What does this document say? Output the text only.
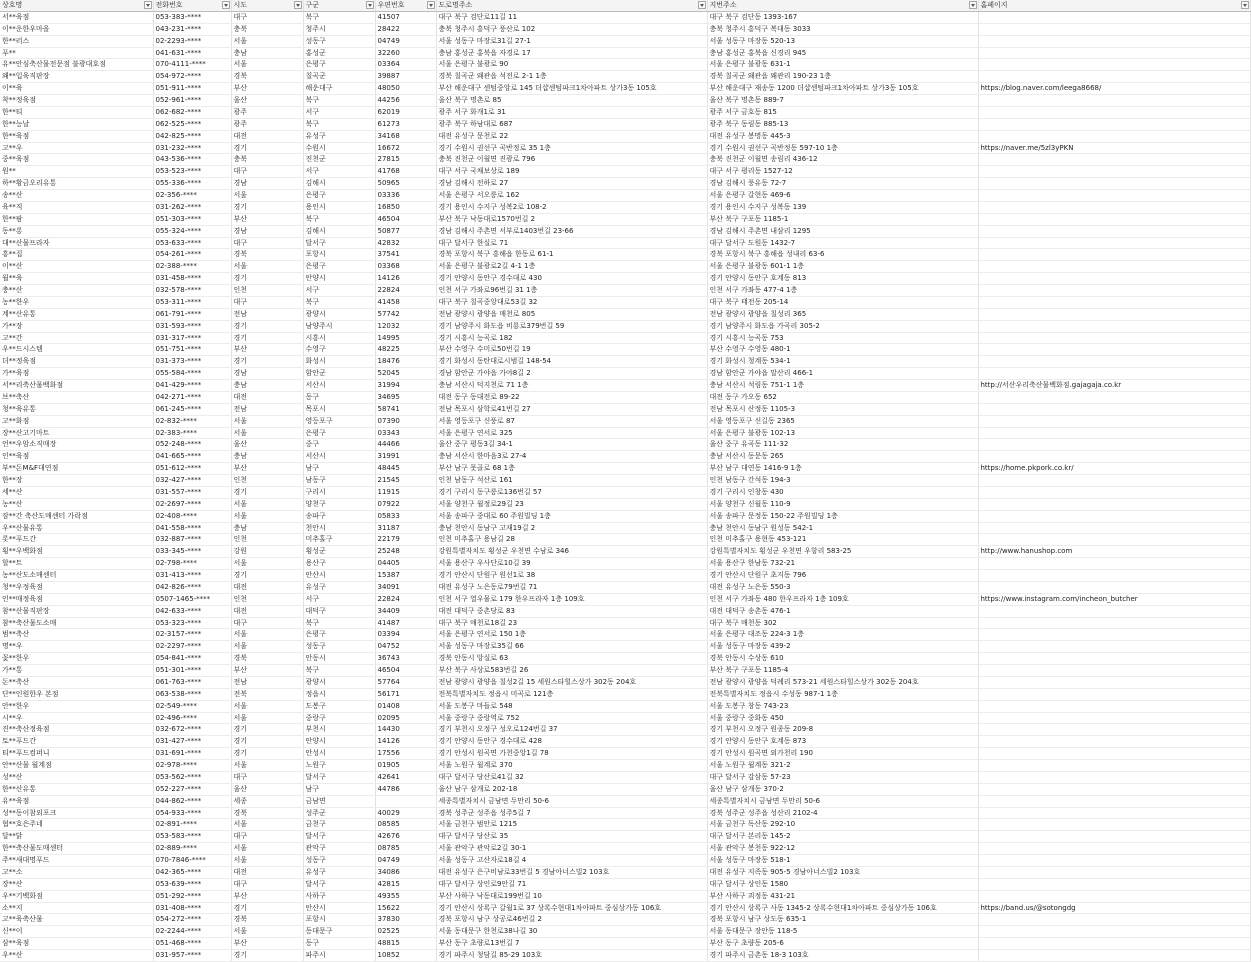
상호명	전화번호	시도	구군	우편번호	도로명주소	지번주소	홈페이지

서**육점	053-383-****	대구	북구	41507	대구 북구 검단로11길 11	대구 북구 검단동 1393-167	
이**운한우마을	043-231-****	충북	청주시	28422	충북 청주시 흥덕구 풍산로 102	충북 청주시 흥덕구 복대동 3033	
한**러스	02-2293-****	서울	성동구	04749	서울 성동구 마장로31길 27-1	서울 성동구 마장동 520-13	
푸**	041-631-****	충남	홍성군	32260	충남 홍성군 홍북읍 자경로 17	충남 홍성군 홍북읍 신경리 945	
유**안심축산물전문점 불광대호점	070-4111-****	서울	은평구	03364	서울 은평구 불광로 90	서울 은평구 불광동 631-1	
왜**입육직판장	054-972-****	경북	칠곡군	39887	경북 칠곡군 왜관읍 석전로 2-1 1층	경북 칠곡군 왜관읍 왜관리 190-23 1층	
이**육	051-911-****	부산	해운대구	48050	부산 해운대구 센텀중앙로 145 더샵센텀파크1차아파트 상가3동 105호	부산 해운대구 재송동 1200 더샵센텀파크1차아파트 상가3동 105호	https://blog.naver.com/leega8668/
착**정육점	052-961-****	울산	북구	44256	울산 북구 명촌로 85	울산 북구 명촌동 889-7	
한**티	062-682-****	광주	서구	62019	광주 서구 화개1로 31	광주 서구 금호동 815	
한**능날	062-525-****	광주	북구	61273	광주 북구 하남대로 687	광주 북구 동림동 885-13	
한**육점	042-825-****	대전	유성구	34168	대전 유성구 문천로 22	대전 유성구 봉명동 445-3	
고**우	031-232-****	경기	수원시	16672	경기 수원시 권선구 곡반정로 35 1층	경기 수원시 권선구 곡반정동 597-10 1층	https://naver.me/5zl3yPKN
중**육점	043-536-****	충북	진천군	27815	충북 진천군 이월면 진광로 796	충북 진천군 이월면 송림리 436-12	
원**	053-523-****	대구	서구	41768	대구 서구 국채보상로 189	대구 서구 평리동 1527-12	
하**황금오리유통	055-336-****	경남	김해시	50965	경남 김해시 전하로 27	경남 김해시 풍유동 72-7	
송**산	02-356-****	서울	은평구	03336	서울 은평구 서오릉로 162	서울 은평구 갈현동 469-6	
육**직	031-262-****	경기	용인시	16850	경기 용인시 수지구 성복2로 108-2	경기 용인시 수지구 성복동 139	
한**팜	051-303-****	부산	북구	46504	부산 북구 낙동대로1570번길 2	부산 북구 구포동 1185-1	
동**롱	055-324-****	경남	김해시	50877	경남 김해시 주촌면 서부로1403번길 23-66	경남 김해시 주촌면 내삼리 1295	
대**산물프라자	053-633-****	대구	달서구	42832	대구 달서구 한실로 71	대구 달서구 도원동 1432-7	
흥**집	054-261-****	경북	포항시	37541	경북 포항시 북구 흥해읍 한동로 61-1	경북 포항시 북구 흥해읍 성내리 63-6	
이**산	02-388-****	서울	은평구	03368	서울 은평구 불광로2길 4-1 1층	서울 은평구 불광동 601-1 1층	
월**육	031-458-****	경기	안양시	14126	경기 안양시 동안구 경수대로 430	경기 안양시 동안구 호계동 813	
충**산	032-578-****	인천	서구	22824	인천 서구 가좌로96번길 31 1층	인천 서구 가좌동 477-4 1층	
농**한우	053-311-****	대구	북구	41458	대구 북구 칠곡중앙대로53길 32	대구 북구 태전동 205-14	
계**산유통	061-791-****	전남	광양시	57742	전남 광양시 광양읍 매천로 805	전남 광양시 광양읍 칠성리 365	
가**장	031-593-****	경기	남양주시	12032	경기 남양주시 화도읍 비룡로379번길 59	경기 남양주시 화도읍 가곡리 305-2	
고**간	031-317-****	경기	시흥시	14995	경기 시흥시 능곡로 182	경기 시흥시 능곡동 753	
우**드시스템	051-751-****	부산	수영구	48225	부산 수영구 수미로50번길 19	부산 수영구 수영동 480-1	
더**정육점	031-373-****	경기	화성시	18476	경기 화성시 동탄대로시범길 148-54	경기 화성시 청계동 534-1	
가**육점	055-584-****	경남	함안군	52045	경남 함안군 가야읍 가야8길 2	경남 함안군 가야읍 말산리 466-1	
서**리축산물백화점	041-429-****	충남	서산시	31994	충남 서산시 덕지천로 71 1층	충남 서산시 석림동 751-1 1층	http://서산우리축산물백화점.gajagaja.co.kr
브**축산	042-271-****	대전	동구	34695	대전 동구 동대전로 89-22	대전 동구 가오동 652	
청**육유통	061-245-****	전남	목포시	58741	전남 목포시 삼학로41번길 27	전남 목포시 산정동 1105-3	
고**화점	02-832-****	서울	영등포구	07390	서울 영등포구 신풍로 87	서울 영등포구 신길동 2365	
장**산고기마트	02-383-****	서울	은평구	03343	서울 은평구 연서로 325	서울 은평구 불광동 102-13	
언**우암소직매장	052-248-****	울산	중구	44466	울산 중구 평동3길 34-1	울산 중구 유곡동 111-32	
인**육점	041-665-****	충남	서산시	31991	충남 서산시 한마음3로 27-4	충남 서산시 동문동 265	
부**돈M&F대연점	051-612-****	부산	남구	48445	부산 남구 못골로 68 1층	부산 남구 대연동 1416-9 1층	https://home.pkpork.co.kr/
한**장	032-427-****	인천	남동구	21545	인천 남동구 석산로 161	인천 남동구 간석동 194-3	
세**산	031-557-****	경기	구리시	11915	경기 구리시 동구릉로136번길 57	경기 구리시 인창동 430	
농**산	02-2697-****	서울	양천구	07922	서울 양천구 월정로29길 23	서울 양천구 신월동 110-9	
잠**간 축산도매센터 가락점	02-408-****	서울	송파구	05833	서울 송파구 중대로 60 주원빌딩 1층	서울 송파구 문정동 150-22 주원빌딩 1층	
우**산물유통	041-558-****	충남	천안시	31187	충남 천안시 동남구 고재19길 2	충남 천안시 동남구 원성동 542-1	
롯**푸드간	032-887-****	인천	미추홀구	22179	인천 미추홀구 용남길 28	인천 미추홀구 용현동 453-121	
횡**우백화점	033-345-****	강원	횡성군	25248	강원특별자치도 횡성군 우천면 수남로 346	강원특별자치도 횡성군 우천면 우항리 583-25	http://www.hanushop.com
할**트	02-798-****	서울	용산구	04405	서울 용산구 우사단로10길 39	서울 용산구 한남동 732-21	
농**산도소매센터	031-413-****	경기	안산시	15387	경기 안산시 단원구 원선1로 38	경기 안산시 단원구 초지동 796	
청**우정육점	042-826-****	대전	유성구	34091	대전 유성구 노은동로79번길 71	대전 유성구 노은동 550-3	
인**매정육점	0507-1465-****	인천	서구	22824	인천 서구 열우물로 179 한우프라자 1층 109호	인천 서구 가좌동 480 한우프라자 1층 109호	https://www.instagram.com/incheon_butcher
참**산물직판장	042-633-****	대전	대덕구	34409	대전 대덕구 중촌당로 83	대전 대덕구 송촌동 476-1	
참**축산물도소매	053-323-****	대구	북구	41487	대구 북구 매천로18길 23	대구 북구 매천동 302	
범**축산	02-3157-****	서울	은평구	03394	서울 은평구 연서로 150 1층	서울 은평구 대조동 224-3 1층	
명**우	02-2297-****	서울	성동구	04752	서울 성동구 마장로35길 66	서울 성동구 마장동 439-2	
꽃**한우	054-841-****	경북	안동시	36743	경북 안동시 앙실로 63	경북 안동시 수상동 610	
가**통	051-301-****	부산	북구	46504	부산 북구 사상로583번길 26	부산 북구 구포동 1185-4	
돈**축산	061-763-****	전남	광양시	57764	전남 광양시 광양읍 칠성2길 15 세원스타힐스상가 302동 204호	전남 광양시 광양읍 덕례리 573-21 세원스타힐스상가 302동 204호	
단**인원한우 본점	063-538-****	전북	정읍시	56171	전북특별자치도 정읍시 미곡로 121층	전북특별자치도 정읍시 수성동 987-1 1층	
안**한우	02-549-****	서울	도봉구	01408	서울 도봉구 마들로 548	서울 도봉구 창동 743-23	
시**우	02-496-****	서울	중랑구	02095	서울 중랑구 중랑역로 752	서울 중랑구 중화동 450	
진**축산정육점	032-672-****	경기	부천시	14430	경기 부천시 오정구 성오로124번길 37	경기 부천시 오정구 원종동 209-8	
토**푸드간	031-427-****	경기	안양시	14126	경기 안양시 동안구 경수대로 428	경기 안양시 동안구 호계동 873	
티**푸드컴퍼니	031-691-****	경기	안성시	17556	경기 안성시 원곡면 가천중앙1길 78	경기 안성시 원곡면 외가천리 190	
안**산물 월계점	02-978-****	서울	노원구	01905	서울 노원구 월계로 370	서울 노원구 월계동 321-2	
성**산	053-562-****	대구	달서구	42641	대구 달서구 당산로41길 32	대구 달서구 감삼동 57-23	
한**산유통	052-227-****	울산	남구	44786	울산 남구 삼개로 202-18	울산 남구 삼개동 370-2	
유**육점	044-862-****	세종	금남면		세종특별자치시 금남면 두만리 50-6	세종특별자치시 금남면 두만리 50-6	
성**동이참외포크	054-933-****	경북	성주군	40029	경북 성주군 성주읍 성주5길 7	경북 성주군 성주읍 성산리 2102-4	
협**호은주네	02-891-****	서울	금천구	08585	서울 금천구 범안로 1215	서울 금천구 독산동 292-10	
달**닭	053-583-****	대구	달서구	42676	대구 달서구 당산로 35	대구 달서구 본리동 145-2	
한**축산물도매센터	02-889-****	서울	관악구	08785	서울 관악구 관악로2길 30-1	서울 관악구 봉천동 922-12	
주**새대명푸드	070-7846-****	서울	성동구	04749	서울 성동구 고산자로18길 4	서울 성동구 마장동 518-1	
고**소	042-365-****	대전	유성구	34086	대전 유성구 은구비남로33번길 5 경남아너스빌2 103호	대전 유성구 지족동 905-5 경남아너스빌2 103호	
장**산	053-639-****	대구	달서구	42815	대구 달서구 상인로9안길 71	대구 달서구 상인동 1580	
우**기백화점	051-292-****	부산	사하구	49355	부산 사하구 낙동대로199번길 10	부산 사하구 괴정동 431-21	
소**지	031-408-****	경기	안산시	15622	경기 안산시 상록구 갈월1로 37 상록수현대1차아파트 중심상가동 106호	경기 안산시 상록구 사동 1345-2 상록수현대1차아파트 중심상가동 106호	https://band.us/@sotongdg
고**육축산물	054-272-****	경북	포항시	37830	경북 포항시 남구 상공로46번길 2	경북 포항시 남구 상도동 635-1	
신**이	02-2244-****	서울	동대문구	02525	서울 동대문구 한천로38나길 30	서울 동대문구 장안동 118-5	
삼**육점	051-468-****	부산	동구	48815	부산 동구 초량로13번길 7	부산 동구 초량동 205-6	
우**산	031-957-****	경기	파주시	10852	경기 파주시 청담길 85-29 103호	경기 파주시 금촌동 18-3 103호	
